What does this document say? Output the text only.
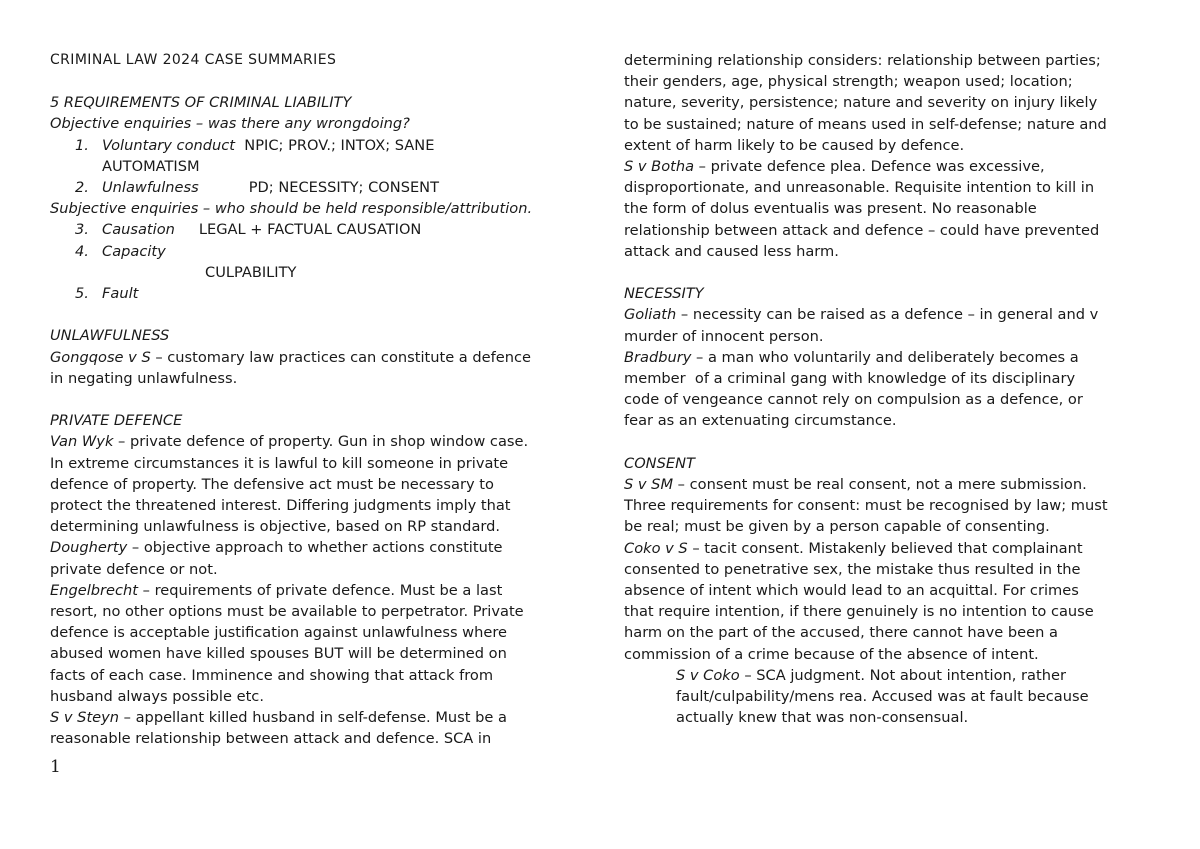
CRIMINAL LAW 2024 CASE SUMMARIES
5 REQUIREMENTS OF CRIMINAL LIABILITY
Objective enquiries – was there any wrongdoing?
1. Voluntary conduct NPIC; PROV.; INTOX; SANE
AUTOMATISM
2. Unlawfulness	PD; NECESSITY; CONSENT
Subjective enquiries – who should be held responsible/attribution.
3. Causation LEGAL + FACTUAL CAUSATION
4. Capacity
CULPABILITY
5. Fault
UNLAWFULNESS
Gongqose v S – customary law practices can constitute a defence
in negating unlawfulness.
PRIVATE DEFENCE
Van Wyk – private defence of property. Gun in shop window case.
In extreme circumstances it is lawful to kill someone in private
defence of property. The defensive act must be necessary to
protect the threatened interest. Differing judgments imply that
determining unlawfulness is objective, based on RP standard.
Dougherty – objective approach to whether actions constitute
private defence or not.
Engelbrecht – requirements of private defence. Must be a last
resort, no other options must be available to perpetrator. Private
defence is acceptable justification against unlawfulness where
abused women have killed spouses BUT will be determined on
facts of each case. Imminence and showing that attack from
husband always possible etc.
S v Steyn – appellant killed husband in self-defense. Must be a
reasonable relationship between attack and defence. SCA in
determining relationship considers: relationship between parties;
their genders, age, physical strength; weapon used; location;
nature, severity, persistence; nature and severity on injury likely
to be sustained; nature of means used in self-defense; nature and
extent of harm likely to be caused by defence.
S v Botha – private defence plea. Defence was excessive,
disproportionate, and unreasonable. Requisite intention to kill in
the form of dolus eventualis was present. No reasonable
relationship between attack and defence – could have prevented
attack and caused less harm.
NECESSITY
Goliath – necessity can be raised as a defence – in general and v
murder of innocent person.
Bradbury – a man who voluntarily and deliberately becomes a
member  of a criminal gang with knowledge of its disciplinary
code of vengeance cannot rely on compulsion as a defence, or
fear as an extenuating circumstance.
CONSENT
S v SM – consent must be real consent, not a mere submission.
Three requirements for consent: must be recognised by law; must
be real; must be given by a person capable of consenting.
Coko v S – tacit consent. Mistakenly believed that complainant
consented to penetrative sex, the mistake thus resulted in the
absence of intent which would lead to an acquittal. For crimes
that require intention, if there genuinely is no intention to cause
harm on the part of the accused, there cannot have been a
commission of a crime because of the absence of intent.
S v Coko – SCA judgment. Not about intention, rather
fault/culpability/mens rea. Accused was at fault because
actually knew that was non-consensual.
1
